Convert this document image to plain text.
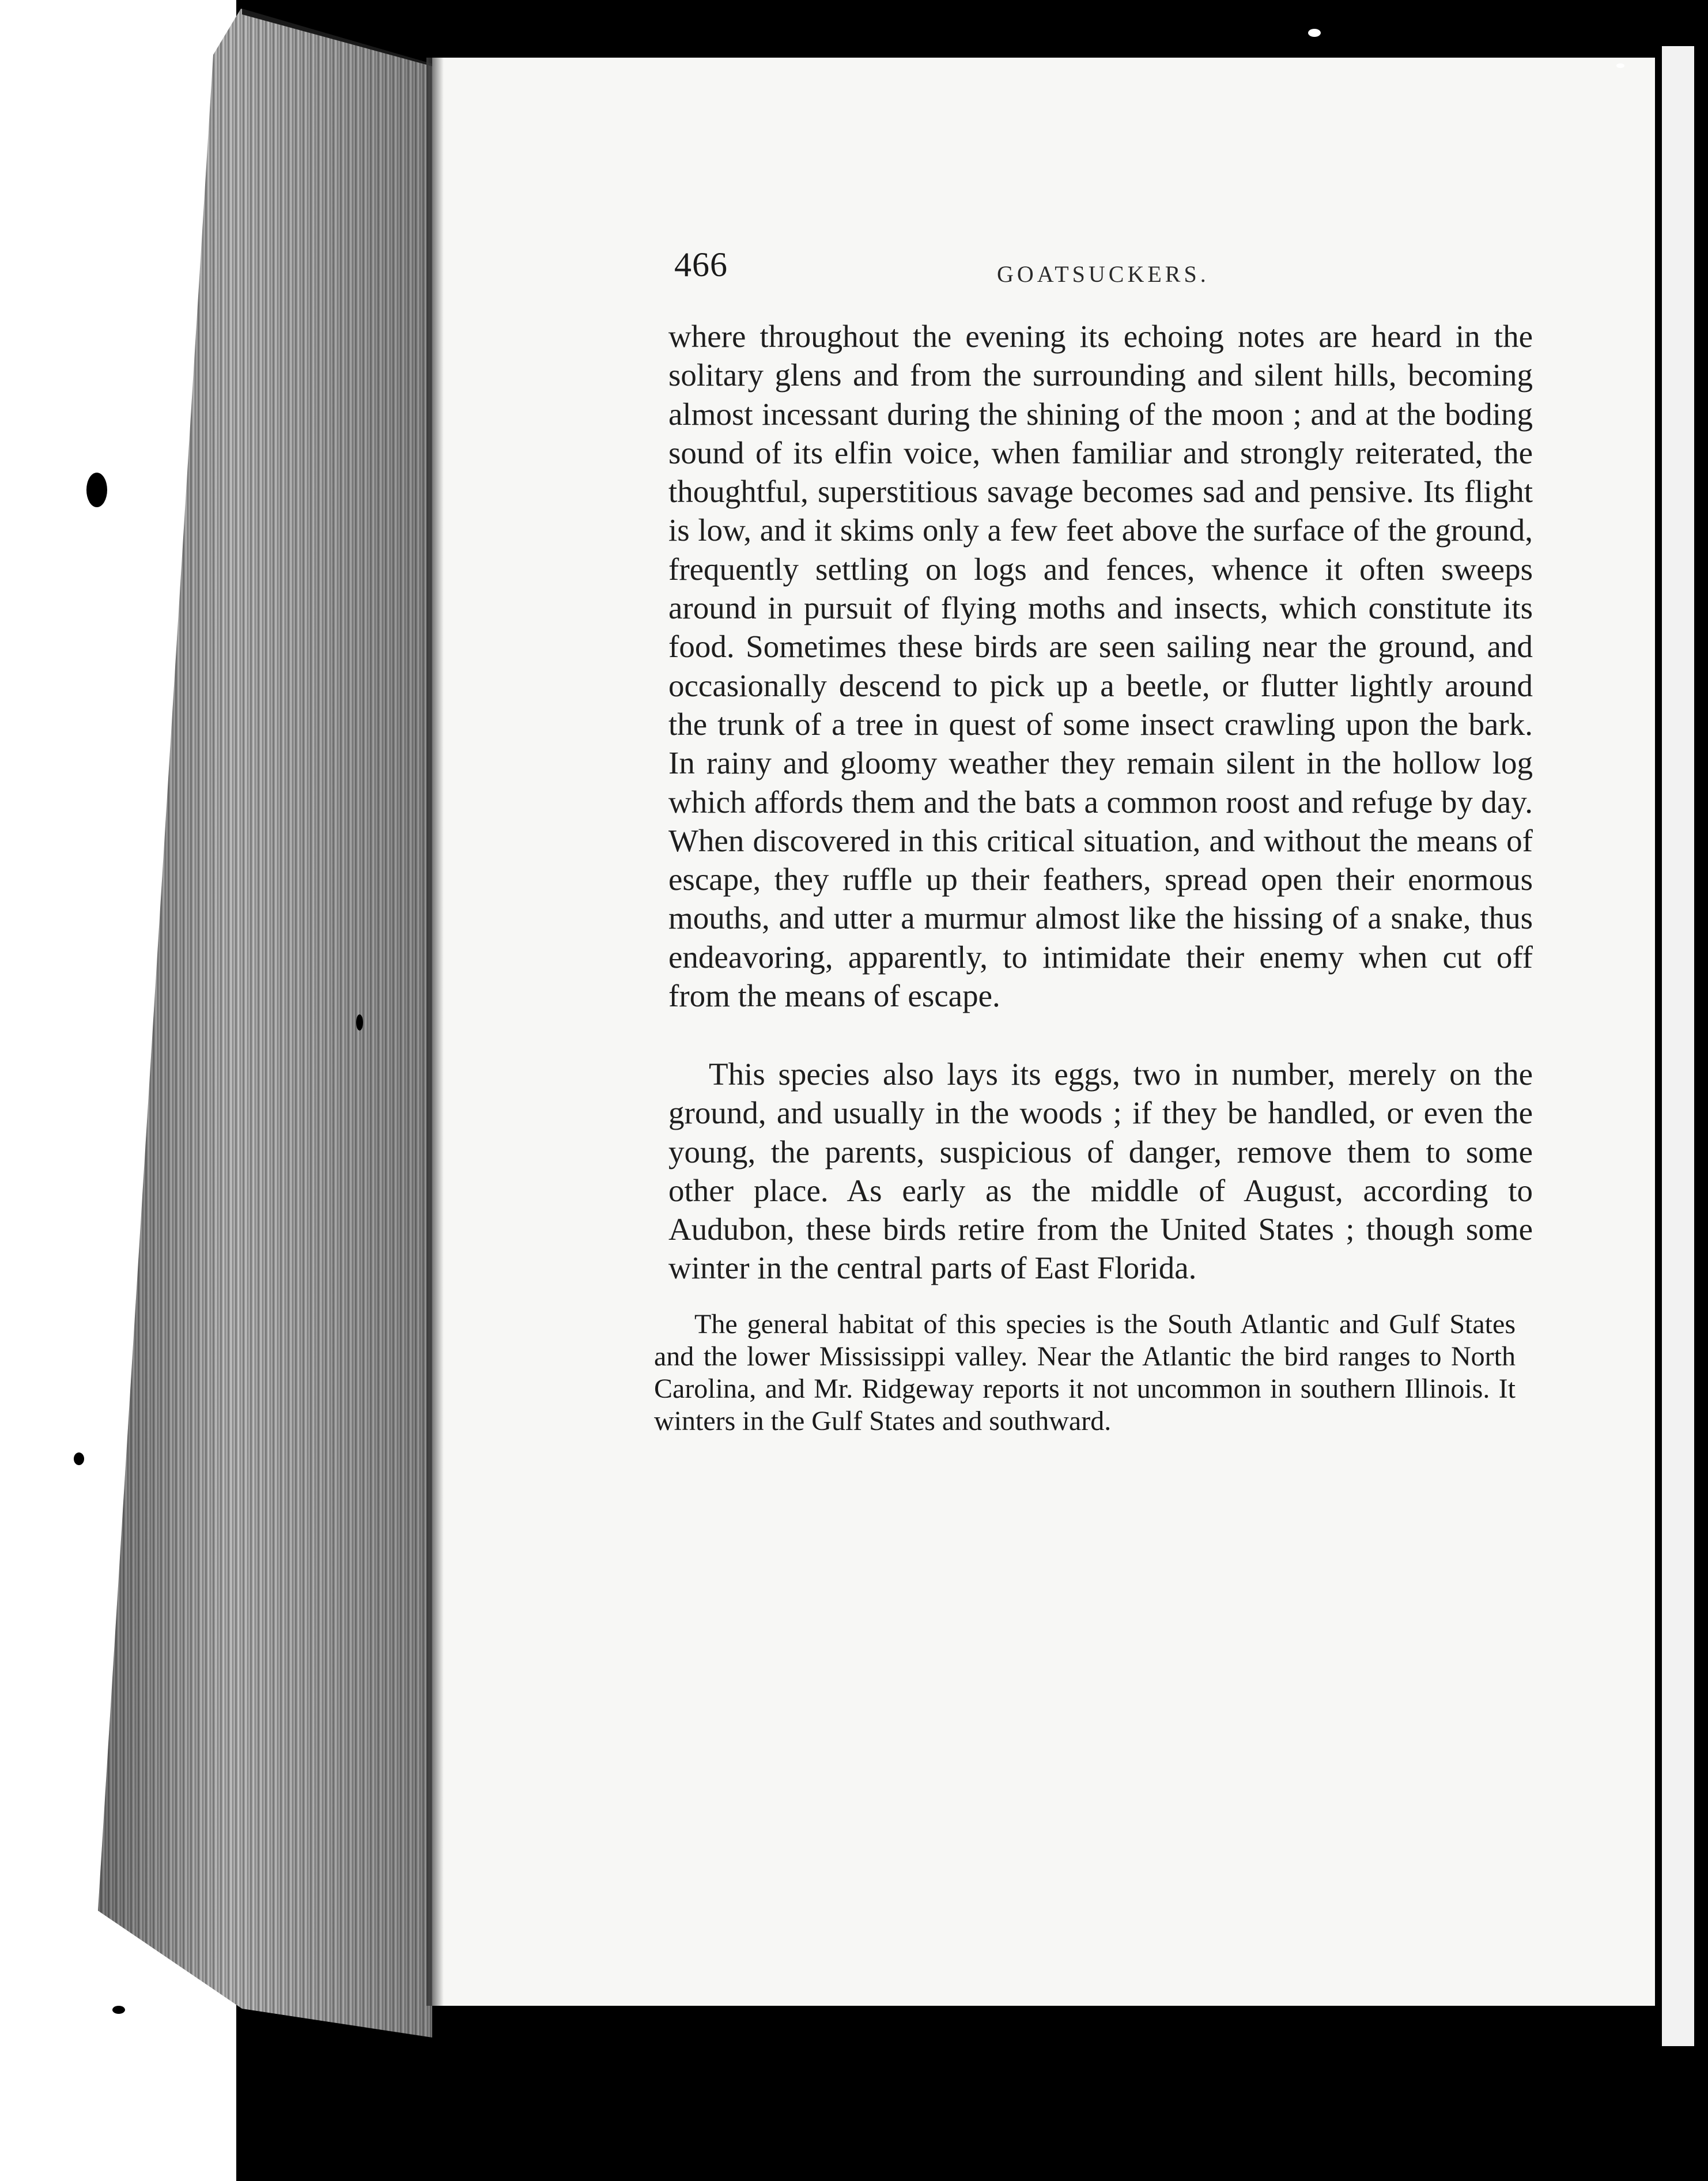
466	GOATSUCKERS.
where throughout the evening its echoing notes are heard in the solitary glens and from the surrounding and silent hills, becoming almost incessant during the shining of the moon ; and at the boding sound of its elfin voice, when familiar and strongly reiterated, the thoughtful, superstitious savage becomes sad and pensive. Its flight is low, and it skims only a few feet above the surface of the ground, frequently settling on logs and fences, whence it often sweeps around in pursuit of flying moths and insects, which constitute its food. Sometimes these birds are seen sailing near the ground, and occasionally descend to pick up a beetle, or flutter lightly around the trunk of a tree in quest of some insect crawling upon the bark. In rainy and gloomy weather they remain silent in the hollow log which affords them and the bats a common roost and refuge by day. When discovered in this critical situation, and without the means of escape, they ruffle up their feathers, spread open their enormous mouths, and utter a murmur almost like the hissing of a snake, thus endeavoring, apparently, to intimidate their enemy when cut off from the means of escape.
This species also lays its eggs, two in number, merely on the ground, and usually in the woods ; if they be handled, or even the young, the parents, suspicious of danger, remove them to some other place. As early as the middle of August, according to Audubon, these birds retire from the United States ; though some winter in the central parts of East Florida.
The general habitat of this species is the South Atlantic and Gulf States and the lower Mississippi valley. Near the Atlantic the bird ranges to North Carolina, and Mr. Ridgeway reports it not uncommon in southern Illinois. It winters in the Gulf States and southward.
